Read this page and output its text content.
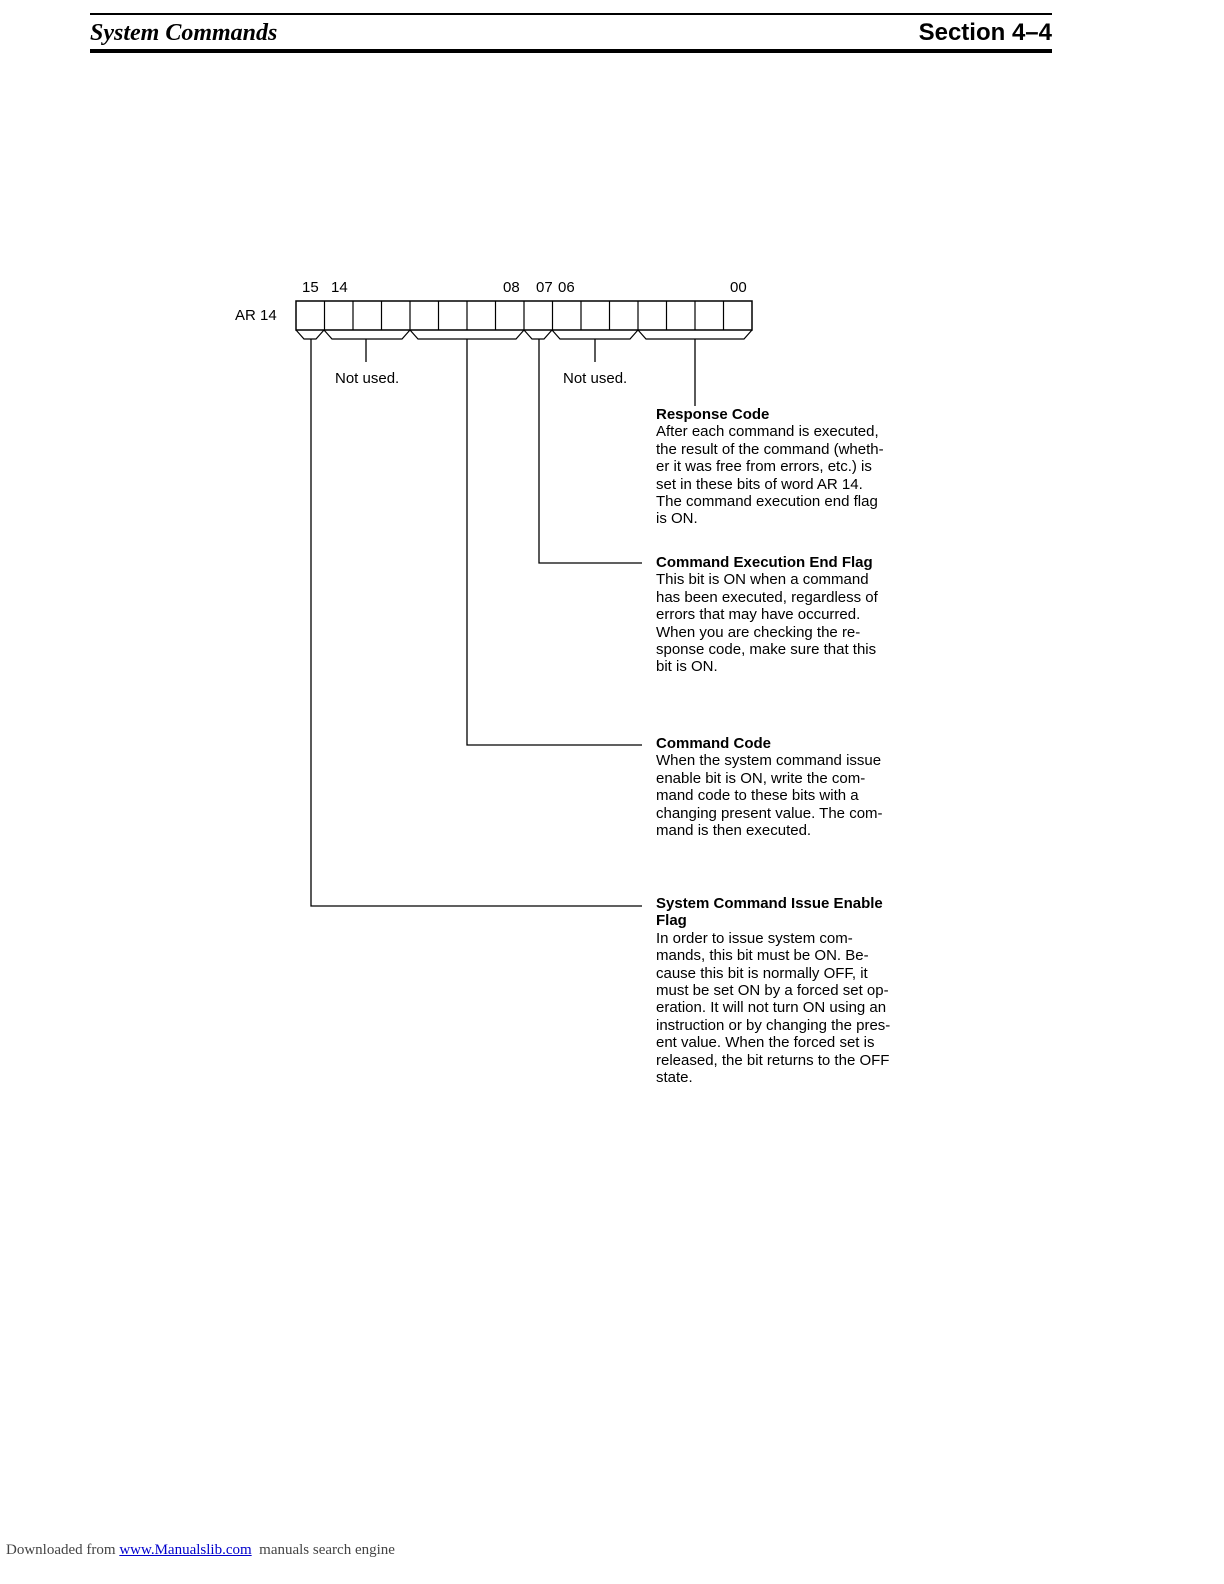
System Commands	Section 4–4
AR 14
15 14	08 07 06	00
Not used.	Not used.
Response Code
After each command is executed,
the result of the command (wheth-
er it was free from errors, etc.) is
set in these bits of word AR 14.
The command execution end flag
is ON.
Command Execution End Flag
This bit is ON when a command
has been executed, regardless of
errors that may have occurred.
When you are checking the re-
sponse code, make sure that this
bit is ON.
Command Code
When the system command issue
enable bit is ON, write the com-
mand code to these bits with a
changing present value. The com-
mand is then executed.
System Command Issue Enable Flag
In order to issue system com-
mands, this bit must be ON. Be-
cause this bit is normally OFF, it
must be set ON by a forced set op-
eration. It will not turn ON using an
instruction or by changing the pres-
ent value. When the forced set is
released, the bit returns to the OFF
state.
Downloaded from www.Manualslib.com  manuals search engine
